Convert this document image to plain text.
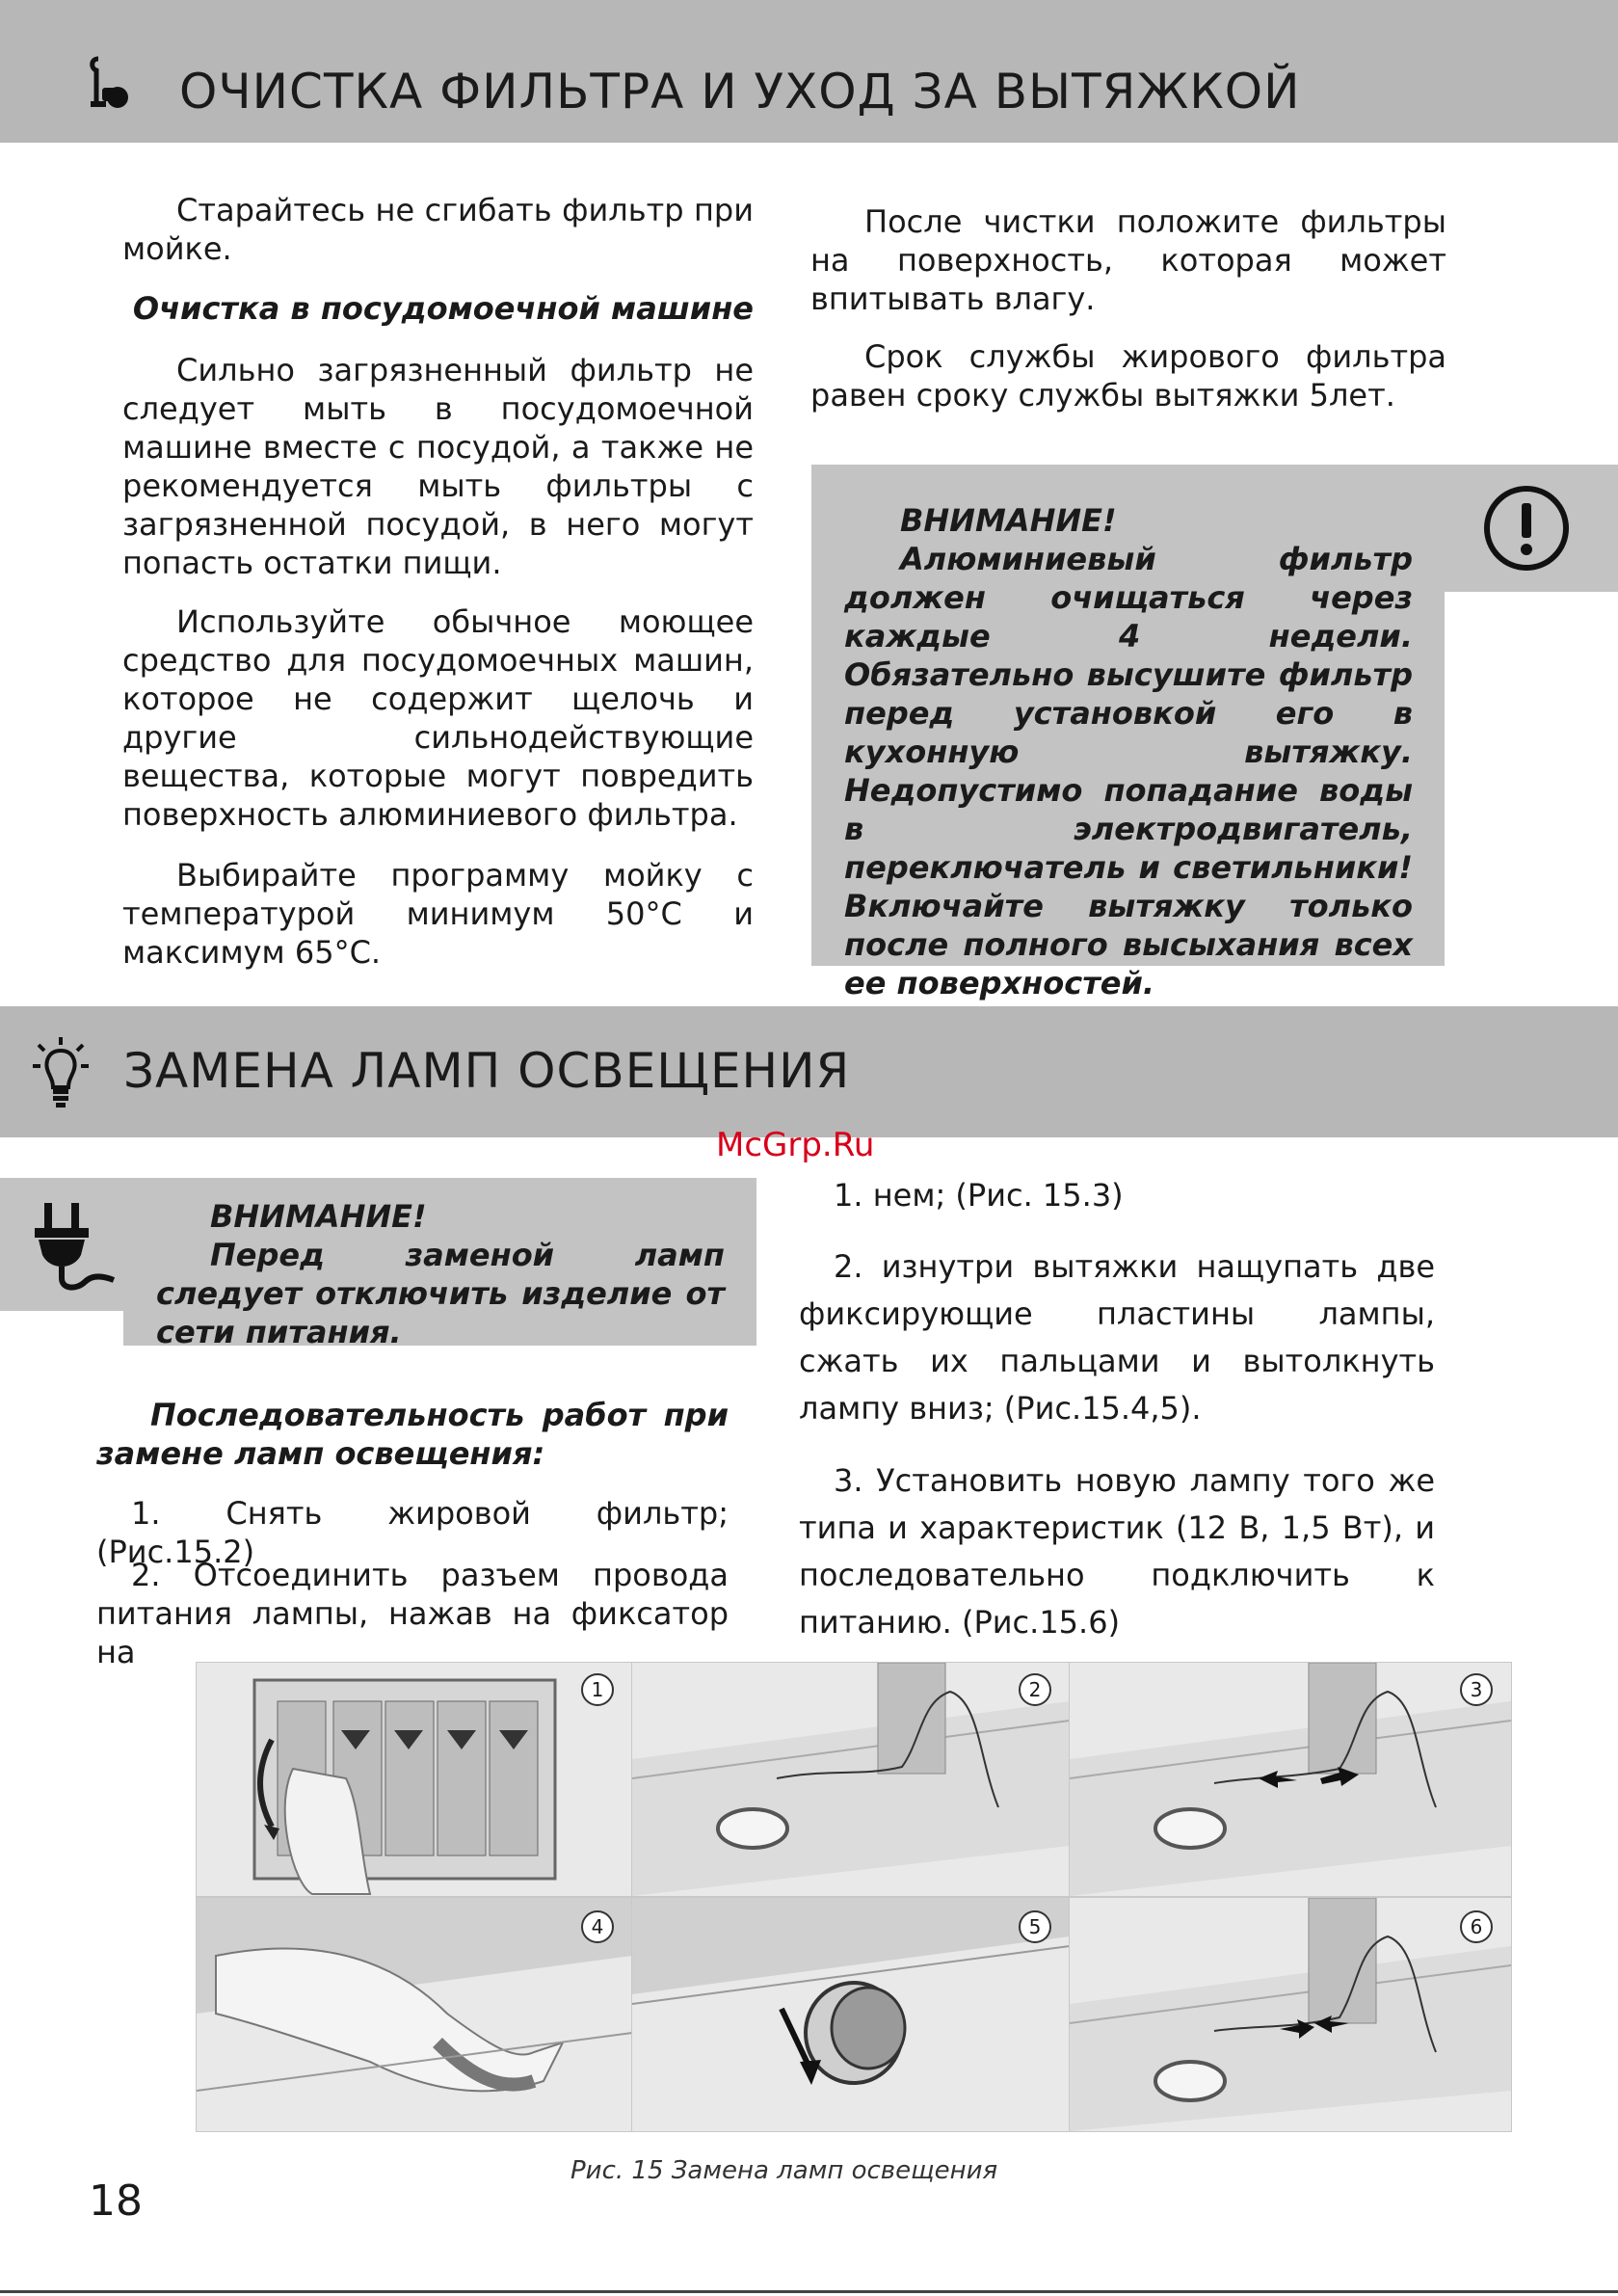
ОЧИСТКА ФИЛЬТРА И УХОД ЗА ВЫТЯЖКОЙ

Старайтесь не сгибать фильтр при мойке.

Очистка в посудомоечной машине

Сильно загрязненный фильтр не следует мыть в посудомоечной машине вместе с посудой, а также не рекомендуется мыть фильтры с загрязненной посудой, в него могут попасть остатки пищи.

Используйте обычное моющее средство для посудомоечных машин, которое не содержит щелочь и другие сильнодействующие вещества, которые могут повредить поверхность алюминиевого фильтра.

Выбирайте программу мойку с температурой минимум 50°C и максимум 65°C.

После чистки положите фильтры на поверхность, которая может впитывать влагу.

Срок службы жирового фильтра равен сроку службы вытяжки 5лет.

ВНИМАНИЕ!
Алюминиевый фильтр должен очищаться через каждые 4 недели. Обязательно высушите фильтр перед установкой его в кухонную вытяжку. Недопустимо попадание воды в электродвигатель, переключатель и светильники! Включайте вытяжку только после полного высыхания всех ее поверхностей.
ЗАМЕНА ЛАМП ОСВЕЩЕНИЯ
McGrp.Ru
ВНИМАНИЕ!
Перед заменой ламп следует отключить изделие от сети питания.

Последовательность работ при замене ламп освещения:

1. Снять жировой фильтр; (Рис.15.2)

2. Отсоединить разъем провода питания лампы, нажав на фиксатор на

1. нем; (Рис. 15.3)

2. изнутри вытяжки нащупать две фиксирующие пластины лампы, сжать их пальцами и вытолкнуть лампу вниз; (Рис.15.4,5).

3. Установить новую лампу того же типа и характеристик (12 В, 1,5 Вт), и последовательно подключить к питанию. (Рис.15.6)

1	2	3
4	5	6
Рис. 15 Замена ламп освещения
18
